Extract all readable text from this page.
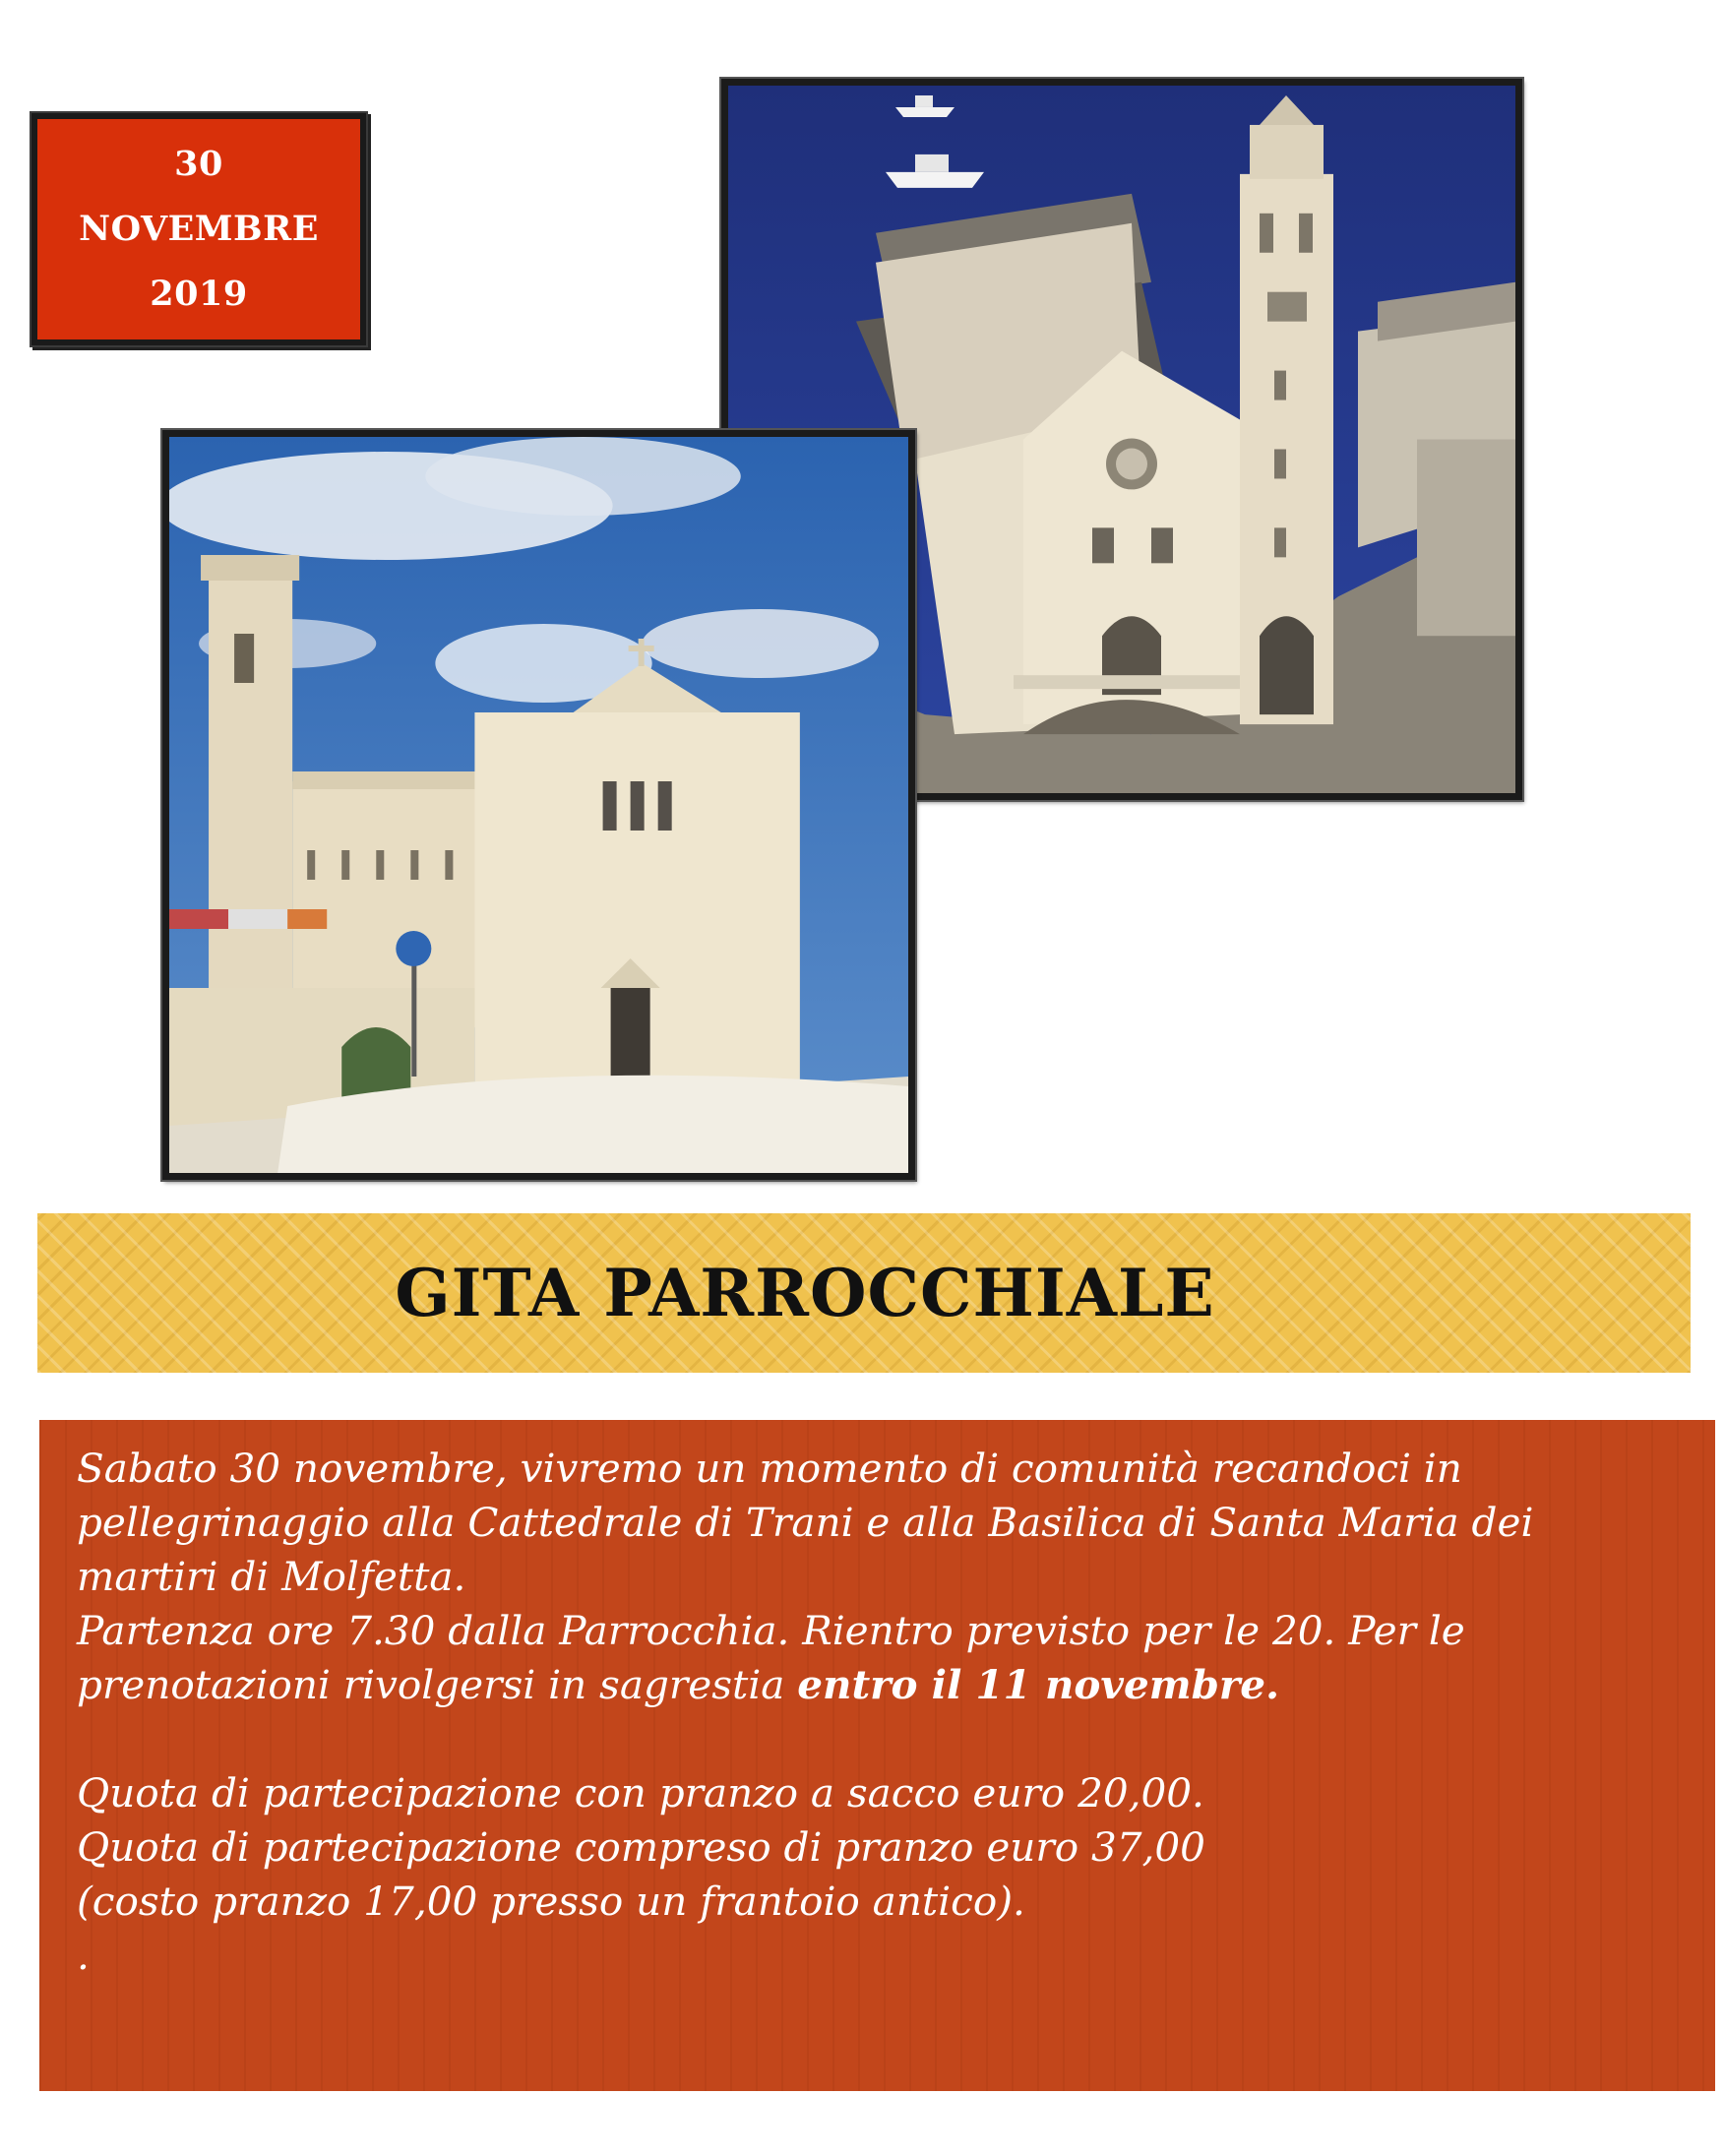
30
NOVEMBRE
2019
GITA PARROCCHIALE

Sabato 30 novembre, vivremo un momento di comunità recandoci in pellegrinaggio alla Cattedrale di Trani e alla Basilica di Santa Maria dei martiri di Molfetta.

Partenza ore 7.30 dalla Parrocchia. Rientro previsto per le 20. Per le prenotazioni rivolgersi in sagrestia entro il 11 novembre.

Quota di partecipazione con pranzo a sacco euro 20,00.

Quota di partecipazione compreso di pranzo euro 37,00

(costo pranzo 17,00 presso un frantoio antico).

.
